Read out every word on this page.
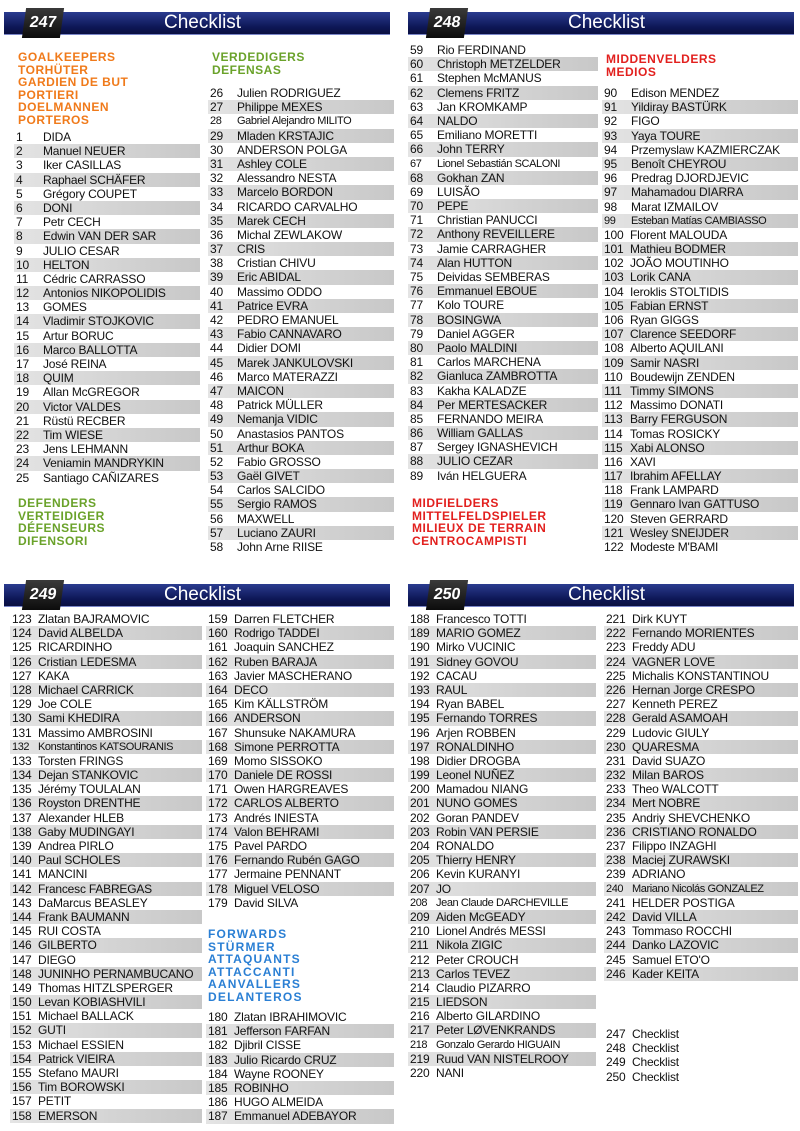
247	Checklist
GOALKEEPERS
TORHÜTER
GARDIEN DE BUT
PORTIERI
DOELMANNEN
PORTEROS
VERDEDIGERS
DEFENSAS
1 DIDA
2 Manuel NEUER
3 Iker CASILLAS
4 Raphael SCHÄFER
5 Grégory COUPET
6 DONI
7 Petr CECH
8 Edwin VAN DER SAR
9 JULIO CESAR
10 HELTON
11 Cédric CARRASSO
12 Antonios NIKOPOLIDIS
13 GOMES
14 Vladimir STOJKOVIC
15 Artur BORUC
16 Marco BALLOTTA
17 José REINA
18 QUIM
19 Allan McGREGOR
20 Victor VALDES
21 Rüstü RECBER
22 Tim WIESE
23 Jens LEHMANN
24 Veniamin MANDRYKIN
25 Santiago CAÑIZARES
26 Julien RODRIGUEZ
27 Philippe MEXES
28 Gabriel Alejandro MILITO
29 Mladen KRSTAJIC
30 ANDERSON POLGA
31 Ashley COLE
32 Alessandro NESTA
33 Marcelo BORDON
34 RICARDO CARVALHO
35 Marek CECH
36 Michal ZEWLAKOW
37 CRIS
38 Cristian CHIVU
39 Eric ABIDAL
40 Massimo ODDO
41 Patrice EVRA
42 PEDRO EMANUEL
43 Fabio CANNAVARO
44 Didier DOMI
45 Marek JANKULOVSKI
46 Marco MATERAZZI
47 MAICON
48 Patrick MÜLLER
49 Nemanja VIDIC
50 Anastasios PANTOS
51 Arthur BOKA
52 Fabio GROSSO
53 Gaël GIVET
54 Carlos SALCIDO
55 Sergio RAMOS
56 MAXWELL
57 Luciano ZAURI
58 John Arne RIISE
DEFENDERS
VERTEIDIGER
DÉFENSEURS
DIFENSORI
248	Checklist
59 Rio FERDINAND
60 Christoph METZELDER
61 Stephen McMANUS
62 Clemens FRITZ
63 Jan KROMKAMP
64 NALDO
65 Emiliano MORETTI
66 John TERRY
67 Lionel Sebastián SCALONI
68 Gokhan ZAN
69 LUISÃO
70 PEPE
71 Christian PANUCCI
72 Anthony REVEILLERE
73 Jamie CARRAGHER
74 Alan HUTTON
75 Deividas SEMBERAS
76 Emmanuel EBOUE
77 Kolo TOURE
78 BOSINGWA
79 Daniel AGGER
80 Paolo MALDINI
81 Carlos MARCHENA
82 Gianluca ZAMBROTTA
83 Kakha KALADZE
84 Per MERTESACKER
85 FERNANDO MEIRA
86 William GALLAS
87 Sergey IGNASHEVICH
88 JULIO CEZAR
89 Iván HELGUERA
MIDDENVELDERS
MEDIOS
90 Edison MENDEZ
91 Yildiray BASTÜRK
92 FIGO
93 Yaya TOURE
94 Przemyslaw KAZMIERCZAK
95 Benoît CHEYROU
96 Predrag DJORDJEVIC
97 Mahamadou DIARRA
98 Marat IZMAILOV
99 Esteban Matías CAMBIASSO
100 Florent MALOUDA
101 Mathieu BODMER
102 JOÃO MOUTINHO
103 Lorik CANA
104 Ieroklis STOLTIDIS
105 Fabian ERNST
106 Ryan GIGGS
107 Clarence SEEDORF
108 Alberto AQUILANI
109 Samir NASRI
110 Boudewijn ZENDEN
111 Timmy SIMONS
112 Massimo DONATI
113 Barry FERGUSON
114 Tomas ROSICKY
115 Xabi ALONSO
116 XAVI
117 Ibrahim AFELLAY
118 Frank LAMPARD
119 Gennaro Ivan GATTUSO
120 Steven GERRARD
121 Wesley SNEIJDER
122 Modeste M'BAMI
MIDFIELDERS
MITTELFELDSPIELER
MILIEUX DE TERRAIN
CENTROCAMPISTI
249	Checklist
123 Zlatan BAJRAMOVIC
124 David ALBELDA
125 RICARDINHO
126 Cristian LEDESMA
127 KAKA
128 Michael CARRICK
129 Joe COLE
130 Sami KHEDIRA
131 Massimo AMBROSINI
132 Konstantinos KATSOURANIS
133 Torsten FRINGS
134 Dejan STANKOVIC
135 Jérémy TOULALAN
136 Royston DRENTHE
137 Alexander HLEB
138 Gaby MUDINGAYI
139 Andrea PIRLO
140 Paul SCHOLES
141 MANCINI
142 Francesc FABREGAS
143 DaMarcus BEASLEY
144 Frank BAUMANN
145 RUI COSTA
146 GILBERTO
147 DIEGO
148 JUNINHO PERNAMBUCANO
149 Thomas HITZLSPERGER
150 Levan KOBIASHVILI
151 Michael BALLACK
152 GUTI
153 Michael ESSIEN
154 Patrick VIEIRA
155 Stefano MAURI
156 Tim BOROWSKI
157 PETIT
158 EMERSON
159 Darren FLETCHER
160 Rodrigo TADDEI
161 Joaquin SANCHEZ
162 Ruben BARAJA
163 Javier MASCHERANO
164 DECO
165 Kim KÄLLSTRÖM
166 ANDERSON
167 Shunsuke NAKAMURA
168 Simone PERROTTA
169 Momo SISSOKO
170 Daniele DE ROSSI
171 Owen HARGREAVES
172 CARLOS ALBERTO
173 Andrés INIESTA
174 Valon BEHRAMI
175 Pavel PARDO
176 Fernando Rubén GAGO
177 Jermaine PENNANT
178 Miguel VELOSO
179 David SILVA
FORWARDS
STÜRMER
ATTAQUANTS
ATTACCANTI
AANVALLERS
DELANTEROS
180 Zlatan IBRAHIMOVIC
181 Jefferson FARFAN
182 Djibril CISSE
183 Julio Ricardo CRUZ
184 Wayne ROONEY
185 ROBINHO
186 HUGO ALMEIDA
187 Emmanuel ADEBAYOR
250	Checklist
188 Francesco TOTTI
189 MARIO GOMEZ
190 Mirko VUCINIC
191 Sidney GOVOU
192 CACAU
193 RAUL
194 Ryan BABEL
195 Fernando TORRES
196 Arjen ROBBEN
197 RONALDINHO
198 Didier DROGBA
199 Leonel NUÑEZ
200 Mamadou NIANG
201 NUNO GOMES
202 Goran PANDEV
203 Robin VAN PERSIE
204 RONALDO
205 Thierry HENRY
206 Kevin KURANYI
207 JO
208 Jean Claude DARCHEVILLE
209 Aiden McGEADY
210 Lionel Andrés MESSI
211 Nikola ZIGIC
212 Peter CROUCH
213 Carlos TEVEZ
214 Claudio PIZARRO
215 LIEDSON
216 Alberto GILARDINO
217 Peter LØVENKRANDS
218 Gonzalo Gerardo HIGUAIN
219 Ruud VAN NISTELROOY
220 NANI
221 Dirk KUYT
222 Fernando MORIENTES
223 Freddy ADU
224 VAGNER LOVE
225 Michalis KONSTANTINOU
226 Hernan Jorge CRESPO
227 Kenneth PEREZ
228 Gerald ASAMOAH
229 Ludovic GIULY
230 QUARESMA
231 David SUAZO
232 Milan BAROS
233 Theo WALCOTT
234 Mert NOBRE
235 Andriy SHEVCHENKO
236 CRISTIANO RONALDO
237 Filippo INZAGHI
238 Maciej ZURAWSKI
239 ADRIANO
240 Mariano Nicolás GONZALEZ
241 HELDER POSTIGA
242 David VILLA
243 Tommaso ROCCHI
244 Danko LAZOVIC
245 Samuel ETO'O
246 Kader KEITA
247 Checklist
248 Checklist
249 Checklist
250 Checklist
